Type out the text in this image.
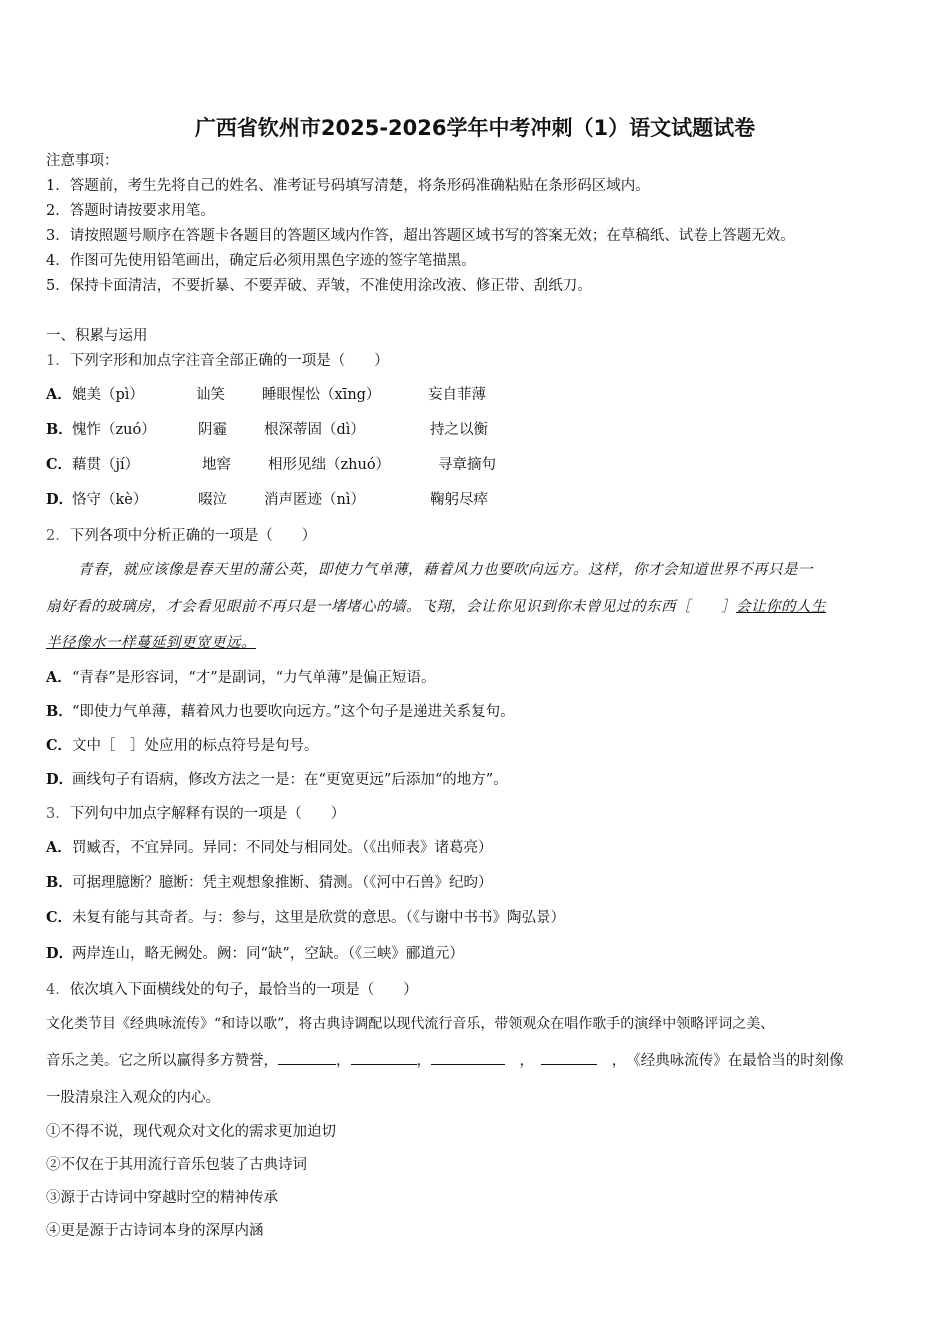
广西省钦州市2025-2026学年中考冲刺（1）语文试题试卷
注意事项：
1．答题前，考生先将自己的姓名、准考证号码填写清楚，将条形码准确粘贴在条形码区域内。
2．答题时请按要求用笔。
3．请按照题号顺序在答题卡各题目的答题区域内作答，超出答题区域书写的答案无效；在草稿纸、试卷上答题无效。
4．作图可先使用铅笔画出，确定后必须用黑色字迹的签字笔描黑。
5．保持卡面清洁，不要折暴、不要弄破、弄皱，不准使用涂改液、修正带、刮纸刀。
一、积累与运用
1．下列字形和加点字注音全部正确的一项是（　　）
A．媲美（pì）	讪笑	睡眼惺忪（xīng）	妄自菲薄
B．愧怍（zuó）	阴霾	根深蒂固（dì）	持之以衡
C．藉贯（jí）	地窖	相形见绌（zhuó）	寻章摘句
D．恪守（kè）	啜泣	消声匿迹（nì）	鞠躬尽瘁
2．下列各项中分析正确的一项是（　　）
青春，就应该像是春天里的蒲公英，即使力气单薄，藉着风力也要吹向远方。这样，你才会知道世界不再只是一
扇好看的玻璃房，才会看见眼前不再只是一堵堵心的墙。飞翔，会让你见识到你未曾见过的东西［　　］会让你的人生
半径像水一样蔓延到更宽更远。
A．“青春”是形容词，“才”是副词，“力气单薄”是偏正短语。
B．“即使力气单薄，藉着风力也要吹向远方。”这个句子是递进关系复句。
C．文中［　］处应用的标点符号是句号。
D．画线句子有语病，修改方法之一是：在“更宽更远”后添加“的地方”。
3．下列句中加点字解释有误的一项是（　　）
A．罚臧否，不宜异同。异同：不同处与相同处。（《出师表》诸葛亮）
B．可据理臆断？臆断：凭主观想象推断、猜测。（《河中石兽》纪昀）
C．未复有能与其奇者。与：参与，这里是欣赏的意思。（《与谢中书书》陶弘景）
D．两岸连山，略无阙处。阙：同“缺”，空缺。（《三峡》郦道元）
4．依次填入下面横线处的句子，最恰当的一项是（　　）
文化类节目《经典咏流传》“和诗以歌”，将古典诗调配以现代流行音乐，带领观众在唱作歌手的演绎中领略评词之美、
音乐之美。它之所以赢得多方赞誉，	，	，	　，　	　，　《经典咏流传》在最恰当的时刻像
一股清泉注入观众的内心。
①不得不说，现代观众对文化的需求更加迫切
②不仅在于其用流行音乐包装了古典诗词
③源于古诗词中穿越时空的精神传承
④更是源于古诗词本身的深厚内涵
